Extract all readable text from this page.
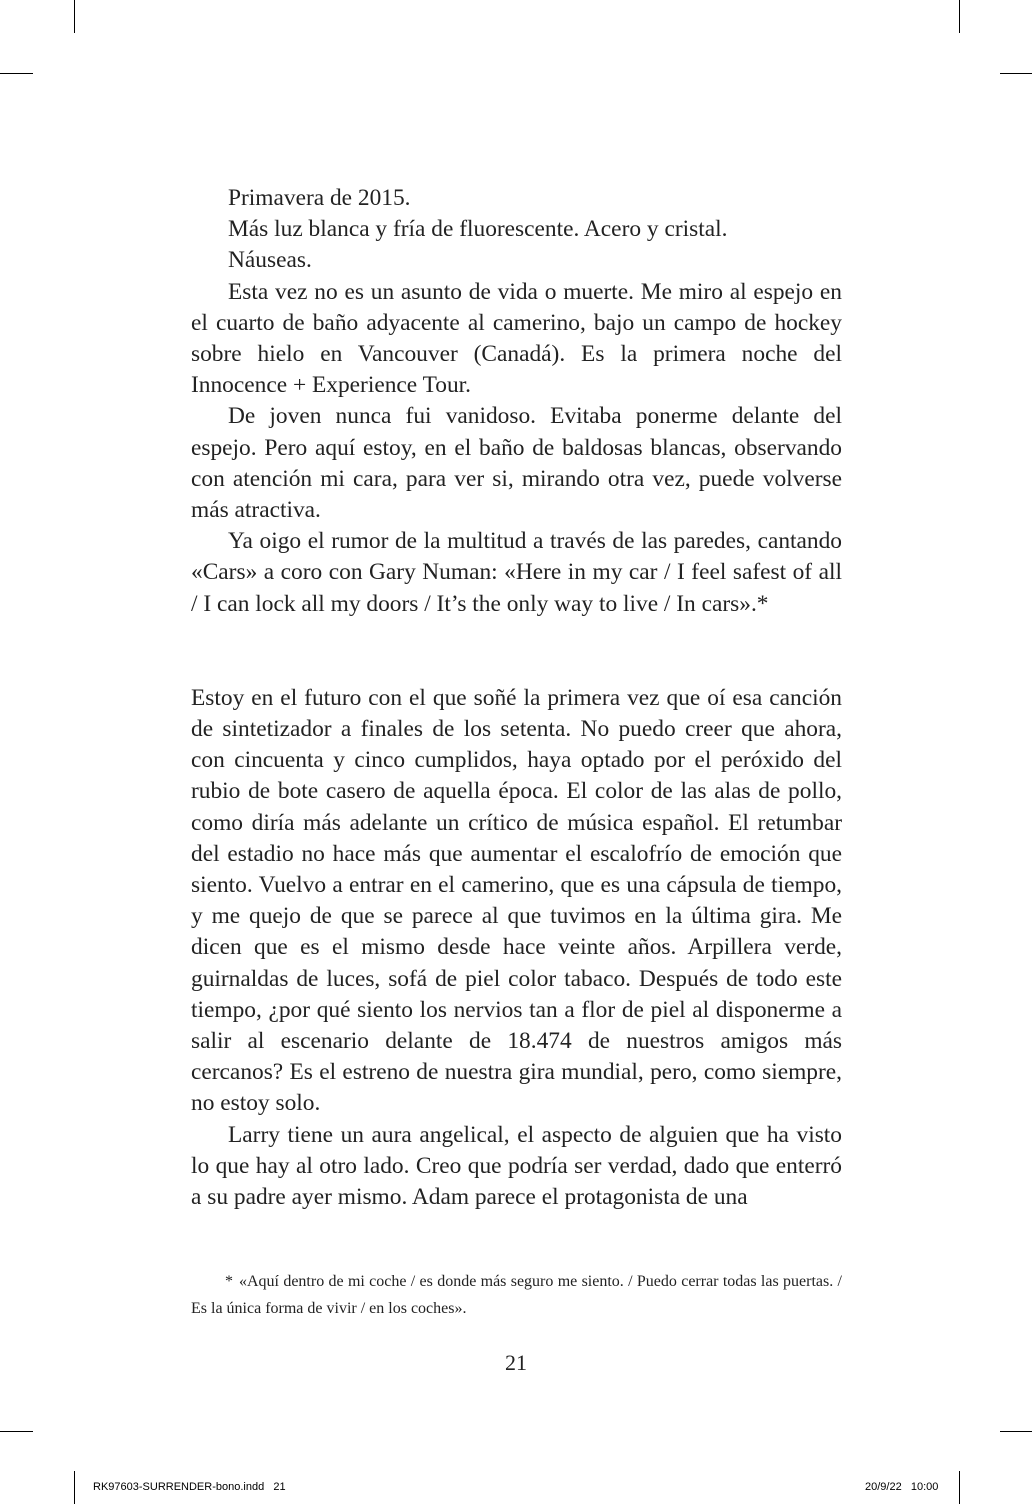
Primavera de 2015.

Más luz blanca y fría de fluorescente. Acero y cristal.

Náuseas.

Esta vez no es un asunto de vida o muerte. Me miro al espejo en el cuarto de baño adyacente al camerino, bajo un campo de hockey sobre hielo en Vancouver (Canadá). Es la primera noche del Innocence + Experience Tour.

De joven nunca fui vanidoso. Evitaba ponerme delante del espejo. Pero aquí estoy, en el baño de baldosas blancas, observando con atención mi cara, para ver si, mirando otra vez, puede volverse más atractiva.

Ya oigo el rumor de la multitud a través de las paredes, cantando «Cars» a coro con Gary Numan: «Here in my car / I feel safest of all / I can lock all my doors / It’s the only way to live / In cars».*

Estoy en el futuro con el que soñé la primera vez que oí esa canción de sintetizador a finales de los setenta. No puedo creer que ahora, con cincuenta y cinco cumplidos, haya optado por el peróxido del rubio de bote casero de aquella época. El color de las alas de pollo, como diría más adelante un crítico de música español. El retumbar del estadio no hace más que aumentar el escalofrío de emoción que siento. Vuelvo a entrar en el camerino, que es una cápsula de tiempo, y me quejo de que se parece al que tuvimos en la última gira. Me dicen que es el mismo desde hace veinte años. Arpillera verde, guirnaldas de luces, sofá de piel color tabaco. Después de todo este tiempo, ¿por qué siento los nervios tan a flor de piel al disponerme a salir al escenario delante de 18.474 de nuestros amigos más cercanos? Es el estreno de nuestra gira mundial, pero, como siempre, no estoy solo.

Larry tiene un aura angelical, el aspecto de alguien que ha visto lo que hay al otro lado. Creo que podría ser verdad, dado que enterró a su padre ayer mismo. Adam parece el protagonista de una

* «Aquí dentro de mi coche / es donde más seguro me siento. / Puedo cerrar todas las puertas. / Es la única forma de vivir / en los coches».
21
RK97603-SURRENDER-bono.indd   21	20/9/22   10:00
